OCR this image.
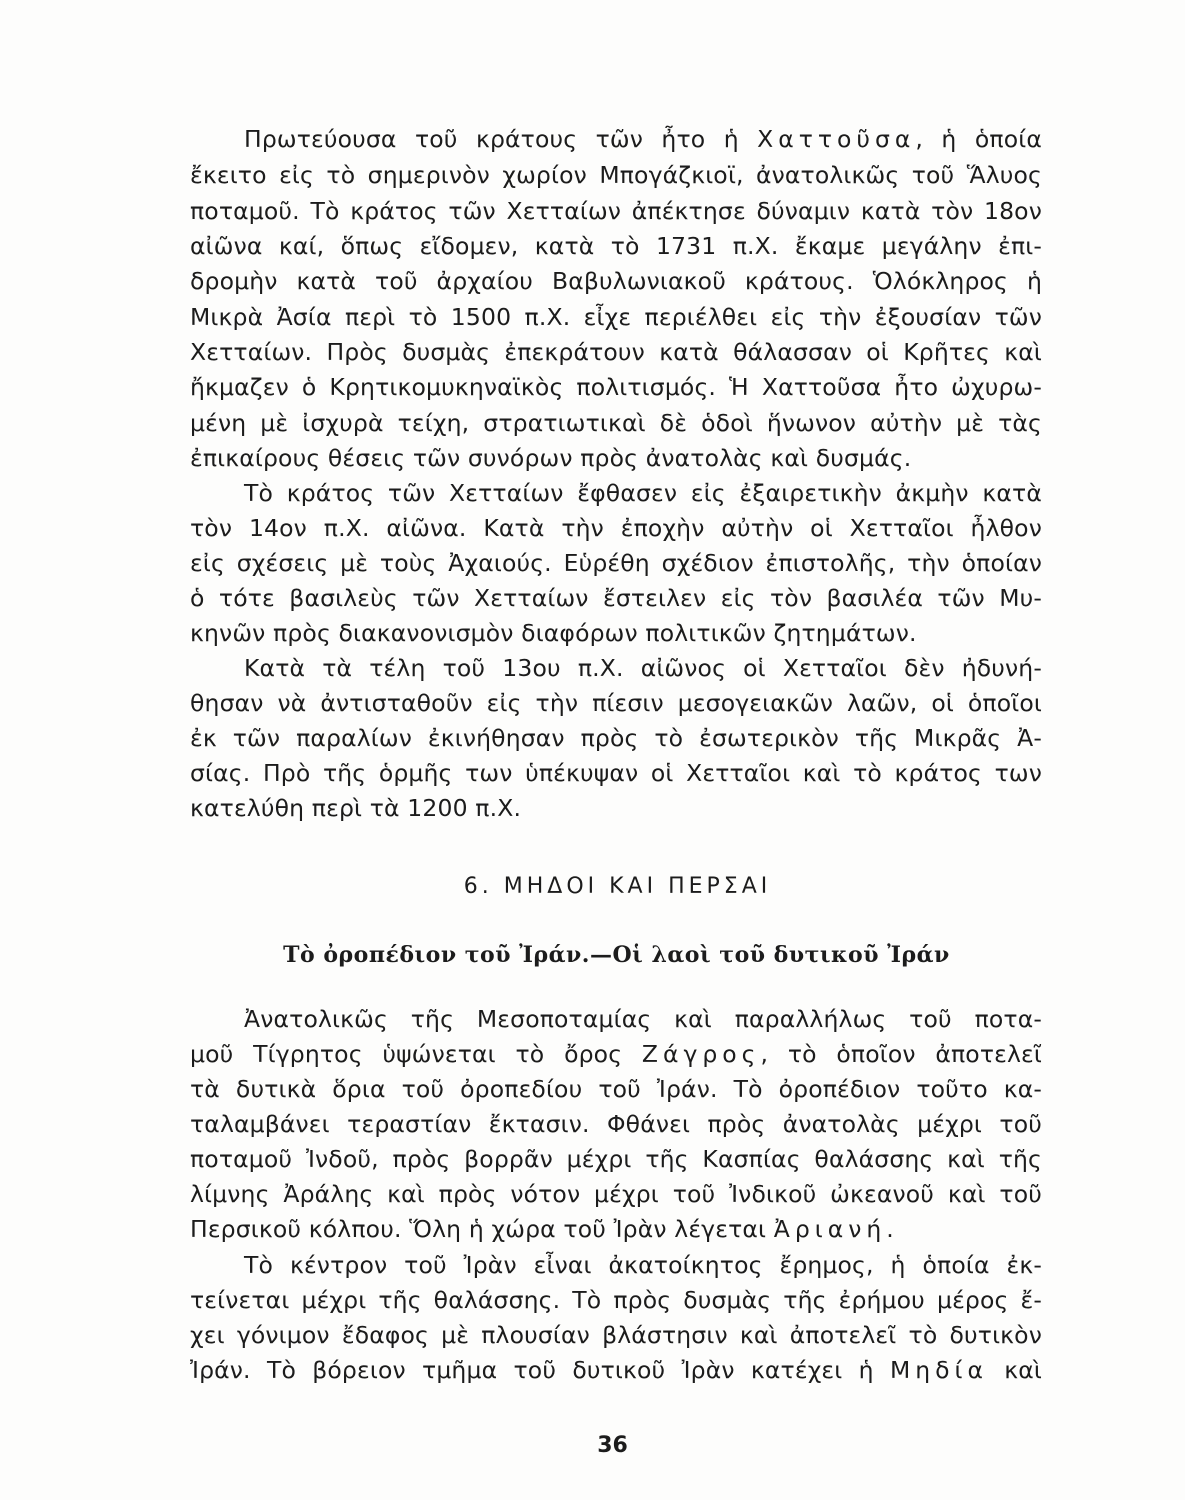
Πρωτεύουσα τοῦ κράτους τῶν ἦτο ἡ Χαττοῦσα, ἡ ὁποία
ἔκειτο εἰς τὸ σημερινὸν χωρίον Μπογάζκιοϊ, ἀνατολικῶς τοῦ Ἅλυος
ποταμοῦ. Τὸ κράτος τῶν Χετταίων ἀπέκτησε δύναμιν κατὰ τὸν 18ον
αἰῶνα καί, ὅπως εἴδομεν, κατὰ τὸ 1731 π.Χ. ἔκαμε μεγάλην ἐπι-
δρομὴν κατὰ τοῦ ἀρχαίου Βαβυλωνιακοῦ κράτους. Ὁλόκληρος ἡ
Μικρὰ Ἀσία περὶ τὸ 1500 π.Χ. εἶχε περιέλθει εἰς τὴν ἐξουσίαν τῶν
Χετταίων. Πρὸς δυσμὰς ἐπεκράτουν κατὰ θάλασσαν οἱ Κρῆτες καὶ
ἤκμαζεν ὁ Κρητικομυκηναϊκὸς πολιτισμός. Ἡ Χαττοῦσα ἦτο ὠχυρω-
μένη μὲ ἰσχυρὰ τείχη, στρατιωτικαὶ δὲ ὁδοὶ ἥνωνον αὐτὴν μὲ τὰς
ἐπικαίρους θέσεις τῶν συνόρων πρὸς ἀνατολὰς καὶ δυσμάς.
Τὸ κράτος τῶν Χετταίων ἔφθασεν εἰς ἐξαιρετικὴν ἀκμὴν κατὰ
τὸν 14ον π.Χ. αἰῶνα. Κατὰ τὴν ἐποχὴν αὐτὴν οἱ Χετταῖοι ἦλθον
εἰς σχέσεις μὲ τοὺς Ἀχαιούς. Εὑρέθη σχέδιον ἐπιστολῆς, τὴν ὁποίαν
ὁ τότε βασιλεὺς τῶν Χετταίων ἔστειλεν εἰς τὸν βασιλέα τῶν Μυ-
κηνῶν πρὸς διακανονισμὸν διαφόρων πολιτικῶν ζητημάτων.
Κατὰ τὰ τέλη τοῦ 13ου π.Χ. αἰῶνος οἱ Χετταῖοι δὲν ἠδυνή-
θησαν νὰ ἀντισταθοῦν εἰς τὴν πίεσιν μεσογειακῶν λαῶν, οἱ ὁποῖοι
ἐκ τῶν παραλίων ἐκινήθησαν πρὸς τὸ ἐσωτερικὸν τῆς Μικρᾶς Ἀ-
σίας. Πρὸ τῆς ὁρμῆς των ὑπέκυψαν οἱ Χετταῖοι καὶ τὸ κράτος των
κατελύθη περὶ τὰ 1200 π.Χ.
6. ΜΗΔΟΙ ΚΑΙ ΠΕΡΣΑΙ
Τὸ ὀροπέδιον τοῦ Ἰράν.—Οἱ λαοὶ τοῦ δυτικοῦ Ἰράν
Ἀνατολικῶς τῆς Μεσοποταμίας καὶ παραλλήλως τοῦ ποτα-
μοῦ Τίγρητος ὑψώνεται τὸ ὄρος Ζάγρος, τὸ ὁποῖον ἀποτελεῖ
τὰ δυτικὰ ὅρια τοῦ ὀροπεδίου τοῦ Ἰράν. Τὸ ὀροπέδιον τοῦτο κα-
ταλαμβάνει τεραστίαν ἔκτασιν. Φθάνει πρὸς ἀνατολὰς μέχρι τοῦ
ποταμοῦ Ἰνδοῦ, πρὸς βορρᾶν μέχρι τῆς Κασπίας θαλάσσης καὶ τῆς
λίμνης Ἀράλης καὶ πρὸς νότον μέχρι τοῦ Ἰνδικοῦ ὠκεανοῦ καὶ τοῦ
Περσικοῦ κόλπου. Ὅλη ἡ χώρα τοῦ Ἰρὰν λέγεται Ἀριανή.
Τὸ κέντρον τοῦ Ἰρὰν εἶναι ἀκατοίκητος ἔρημος, ἡ ὁποία ἐκ-
τείνεται μέχρι τῆς θαλάσσης. Τὸ πρὸς δυσμὰς τῆς ἐρήμου μέρος ἔ-
χει γόνιμον ἔδαφος μὲ πλουσίαν βλάστησιν καὶ ἀποτελεῖ τὸ δυτικὸν
Ἰράν. Τὸ βόρειον τμῆμα τοῦ δυτικοῦ Ἰρὰν κατέχει ἡ Μηδία καὶ
36
